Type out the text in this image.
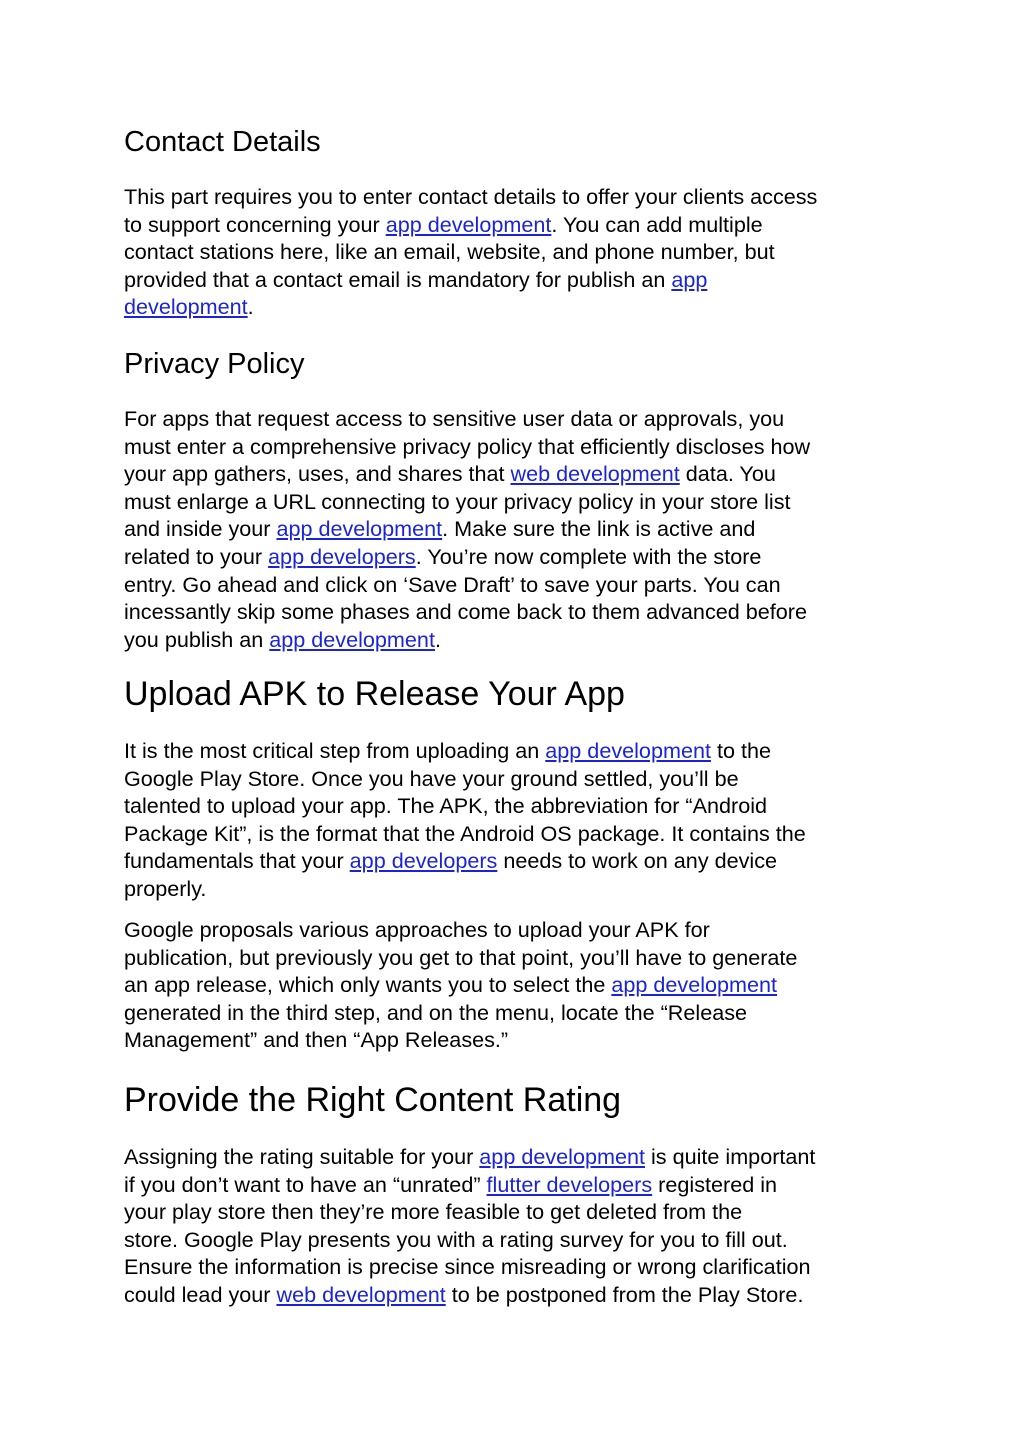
Contact Details

This part requires you to enter contact details to offer your clients access
to support concerning your app development. You can add multiple
contact stations here, like an email, website, and phone number, but
provided that a contact email is mandatory for publish an app
development.

Privacy Policy

For apps that request access to sensitive user data or approvals, you
must enter a comprehensive privacy policy that efficiently discloses how
your app gathers, uses, and shares that web development data. You
must enlarge a URL connecting to your privacy policy in your store list
and inside your app development. Make sure the link is active and
related to your app developers. You’re now complete with the store
entry. Go ahead and click on ‘Save Draft’ to save your parts. You can
incessantly skip some phases and come back to them advanced before
you publish an app development.

Upload APK to Release Your App

It is the most critical step from uploading an app development to the
Google Play Store. Once you have your ground settled, you’ll be
talented to upload your app. The APK, the abbreviation for “Android
Package Kit”, is the format that the Android OS package. It contains the
fundamentals that your app developers needs to work on any device
properly.

Google proposals various approaches to upload your APK for
publication, but previously you get to that point, you’ll have to generate
an app release, which only wants you to select the app development
generated in the third step, and on the menu, locate the “Release
Management” and then “App Releases.”

Provide the Right Content Rating

Assigning the rating suitable for your app development is quite important
if you don’t want to have an “unrated” flutter developers registered in
your play store then they’re more feasible to get deleted from the
store. Google Play presents you with a rating survey for you to fill out.
Ensure the information is precise since misreading or wrong clarification
could lead your web development to be postponed from the Play Store.
